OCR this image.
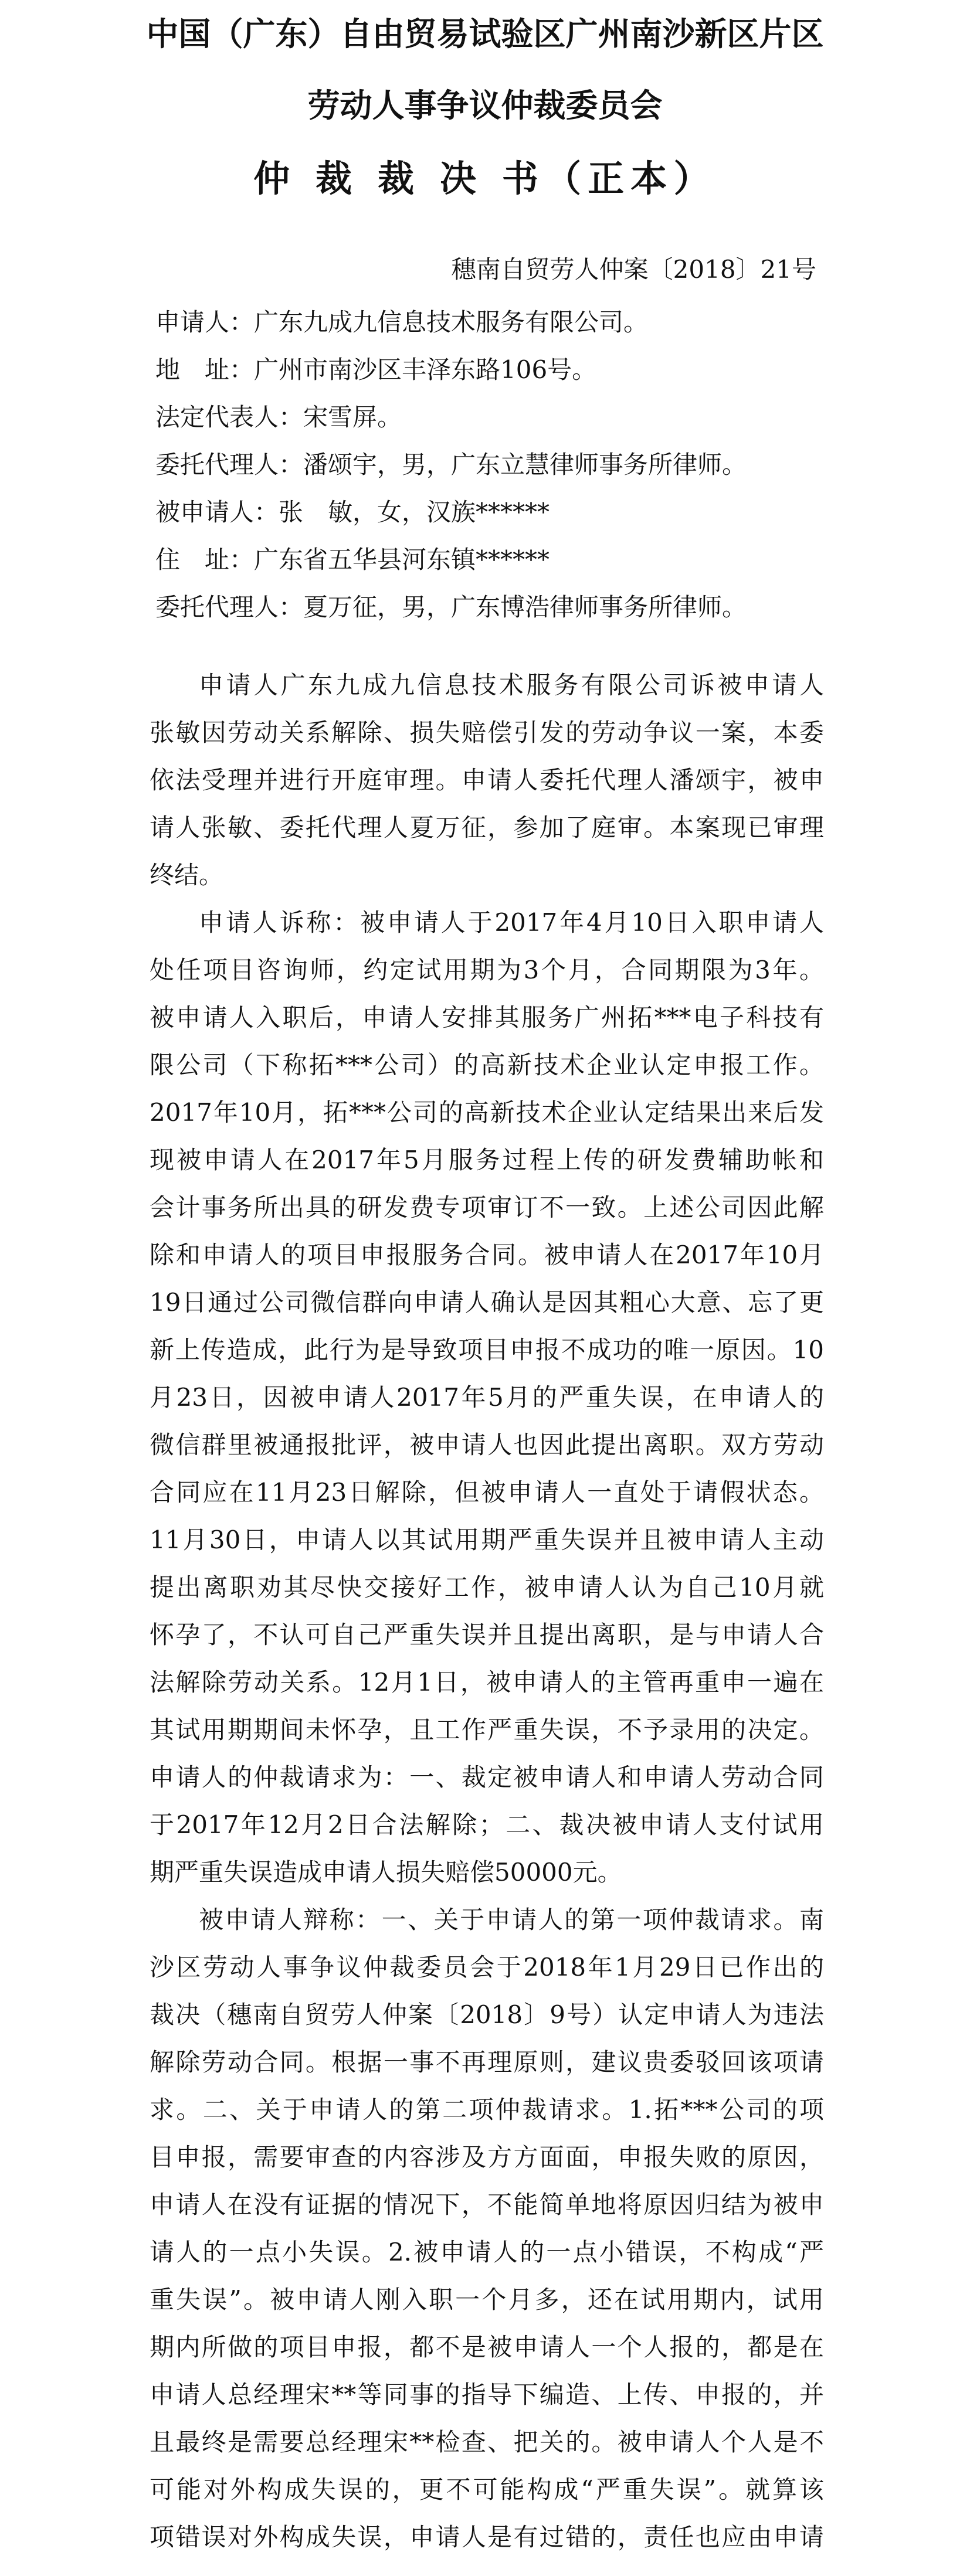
中国（广东）自由贸易试验区广州南沙新区片区
劳动人事争议仲裁委员会
仲 裁 裁 决 书（正本）
穗南自贸劳人仲案〔2018〕21号
申请人：广东九成九信息技术服务有限公司。
地　址：广州市南沙区丰泽东路106号。
法定代表人：宋雪屏。
委托代理人：潘颂宇，男，广东立慧律师事务所律师。
被申请人：张　敏，女，汉族******
住　址：广东省五华县河东镇******
委托代理人：夏万征，男，广东博浩律师事务所律师。
申请人广东九成九信息技术服务有限公司诉被申请人
张敏因劳动关系解除、损失赔偿引发的劳动争议一案，本委
依法受理并进行开庭审理。申请人委托代理人潘颂宇，被申
请人张敏、委托代理人夏万征，参加了庭审。本案现已审理
终结。
申请人诉称：被申请人于2017年4月10日入职申请人
处任项目咨询师，约定试用期为3个月，合同期限为3年。
被申请人入职后，申请人安排其服务广州拓***电子科技有
限公司（下称拓***公司）的高新技术企业认定申报工作。
2017年10月，拓***公司的高新技术企业认定结果出来后发
现被申请人在2017年5月服务过程上传的研发费辅助帐和
会计事务所出具的研发费专项审订不一致。上述公司因此解
除和申请人的项目申报服务合同。被申请人在2017年10月
19日通过公司微信群向申请人确认是因其粗心大意、忘了更
新上传造成，此行为是导致项目申报不成功的唯一原因。10
月23日，因被申请人2017年5月的严重失误，在申请人的
微信群里被通报批评，被申请人也因此提出离职。双方劳动
合同应在11月23日解除，但被申请人一直处于请假状态。
11月30日，申请人以其试用期严重失误并且被申请人主动
提出离职劝其尽快交接好工作，被申请人认为自己10月就
怀孕了，不认可自己严重失误并且提出离职，是与申请人合
法解除劳动关系。12月1日，被申请人的主管再重申一遍在
其试用期期间未怀孕，且工作严重失误，不予录用的决定。
申请人的仲裁请求为：一、裁定被申请人和申请人劳动合同
于2017年12月2日合法解除；二、裁决被申请人支付试用
期严重失误造成申请人损失赔偿50000元。
被申请人辩称：一、关于申请人的第一项仲裁请求。南
沙区劳动人事争议仲裁委员会于2018年1月29日已作出的
裁决（穗南自贸劳人仲案〔2018〕9号）认定申请人为违法
解除劳动合同。根据一事不再理原则，建议贵委驳回该项请
求。二、关于申请人的第二项仲裁请求。1.拓***公司的项
目申报，需要审查的内容涉及方方面面，申报失败的原因，
申请人在没有证据的情况下，不能简单地将原因归结为被申
请人的一点小失误。2.被申请人的一点小错误，不构成“严
重失误”。被申请人刚入职一个月多，还在试用期内，试用
期内所做的项目申报，都不是被申请人一个人报的，都是在
申请人总经理宋**等同事的指导下编造、上传、申报的，并
且最终是需要总经理宋**检查、把关的。被申请人个人是不
可能对外构成失误的，更不可能构成“严重失误”。就算该
项错误对外构成失误，申请人是有过错的，责任也应由申请
